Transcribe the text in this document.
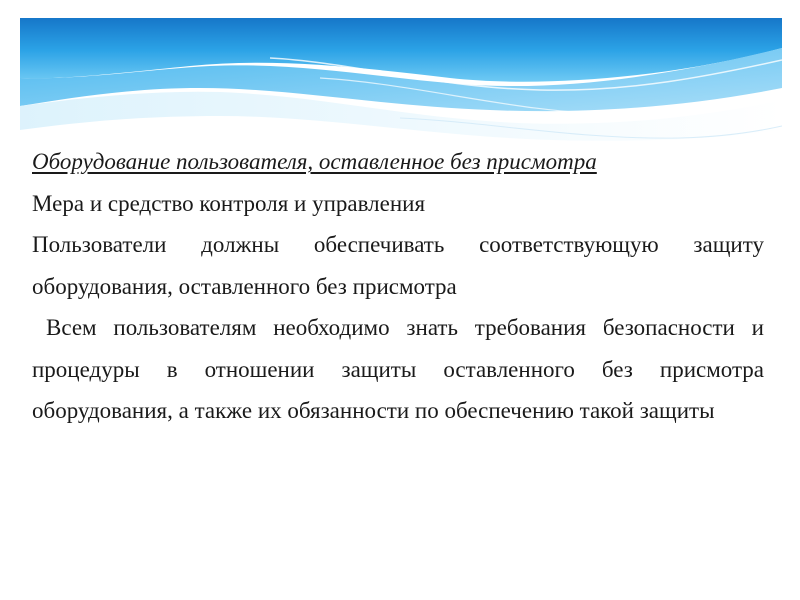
Оборудование пользователя, оставленное без присмотра

Мера и средство контроля и управления

Пользователи должны обеспечивать соответствующую защиту оборудования, оставленного без присмотра

Всем пользователям необходимо знать требования безопасности и процедуры в отношении защиты оставленного без присмотра оборудования, а также их обязанности по обеспечению такой защиты
